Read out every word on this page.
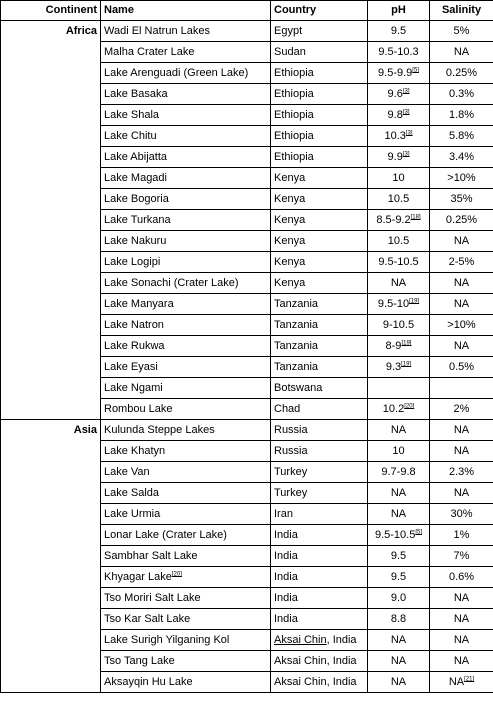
Continent	Name	Country	pH	Salinity
Africa	Wadi El Natrun Lakes	Egypt	9.5	5%
	Malha Crater Lake	Sudan	9.5-10.3	NA
	Lake Arenguadi (Green Lake)	Ethiopia	9.5-9.9[5]	0.25%
	Lake Basaka	Ethiopia	9.6[3]	0.3%
	Lake Shala	Ethiopia	9.8[3]	1.8%
	Lake Chitu	Ethiopia	10.3[3]	5.8%
	Lake Abijatta	Ethiopia	9.9[3]	3.4%
	Lake Magadi	Kenya	10	>10%
	Lake Bogoria	Kenya	10.5	35%
	Lake Turkana	Kenya	8.5-9.2[18]	0.25%
	Lake Nakuru	Kenya	10.5	NA
	Lake Logipi	Kenya	9.5-10.5	2-5%
	Lake Sonachi (Crater Lake)	Kenya	NA	NA
	Lake Manyara	Tanzania	9.5-10[19]	NA
	Lake Natron	Tanzania	9-10.5	>10%
	Lake Rukwa	Tanzania	8-9[19]	NA
	Lake Eyasi	Tanzania	9.3[19]	0.5%
	Lake Ngami	Botswana		
	Rombou Lake	Chad	10.2[20]	2%
Asia	Kulunda Steppe Lakes	Russia	NA	NA
	Lake Khatyn	Russia	10	NA
	Lake Van	Turkey	9.7-9.8	2.3%
	Lake Salda	Turkey	NA	NA
	Lake Urmia	Iran	NA	30%
	Lonar Lake (Crater Lake)	India	9.5-10.5[5]	1%
	Sambhar Salt Lake	India	9.5	7%
	Khyagar Lake[20]	India	9.5	0.6%
	Tso Moriri Salt Lake	India	9.0	NA
	Tso Kar Salt Lake	India	8.8	NA
	Lake Surigh Yilganing Kol	Aksai Chin, India	NA	NA
	Tso Tang Lake	Aksai Chin, India	NA	NA
	Aksayqin Hu Lake	Aksai Chin, India	NA	NA[21]
